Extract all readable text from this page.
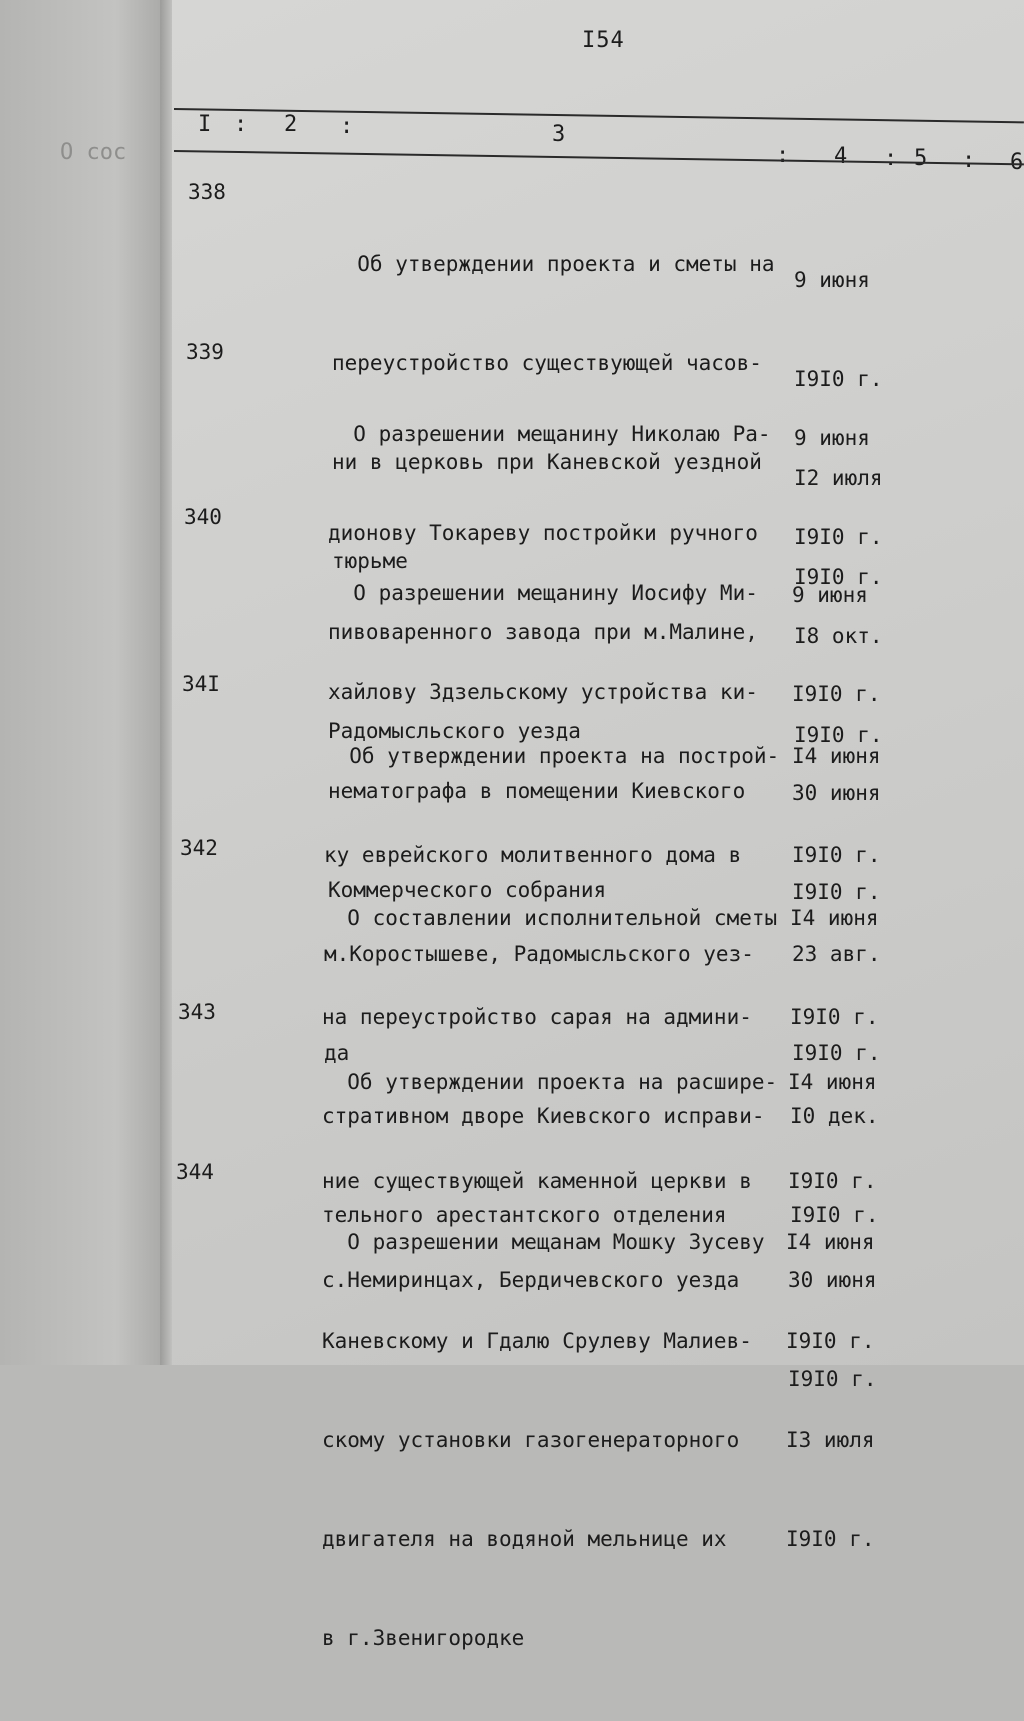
О сос
I54
I : 2 :	3
: 4 : 5 : 6
338

Об утверждении проекта и сметы на

переустройство существующей часов-

ни в церковь при Каневской уездной

тюрьме

9 июня

I9I0 г.

I2 июля

I9I0 г.

339

О разрешении мещанину Николаю Ра-

дионову Токареву постройки ручного

пивоваренного завода при м.Малине,

Радомысльского уезда

9 июня

I9I0 г.

I8 окт.

I9I0 г.

340

О разрешении мещанину Иосифу Ми-

хайлову Здзельскому устройства ки-

нематографа в помещении Киевского

Коммерческого собрания

9 июня

I9I0 г.

30 июня

I9I0 г.

34I

Об утверждении проекта на построй-

ку еврейского молитвенного дома в

м.Коростышеве, Радомысльского уез-

да

I4 июня

I9I0 г.

23 авг.

I9I0 г.

342

О составлении исполнительной сметы

на переустройство сарая на админи-

стративном дворе Киевского исправи-

тельного арестантского отделения

I4 июня

I9I0 г.

I0 дек.

I9I0 г.

343

Об утверждении проекта на расшире-

ние существующей каменной церкви в

с.Немиринцах, Бердичевского уезда

I4 июня

I9I0 г.

30 июня

I9I0 г.

344

О разрешении мещанам Мошку Зусеву

Каневскому и Гдалю Срулеву Малиев-

скому установки газогенераторного

двигателя на водяной мельнице их

в г.Звенигородке

I4 июня

I9I0 г.

I3 июля

I9I0 г.
